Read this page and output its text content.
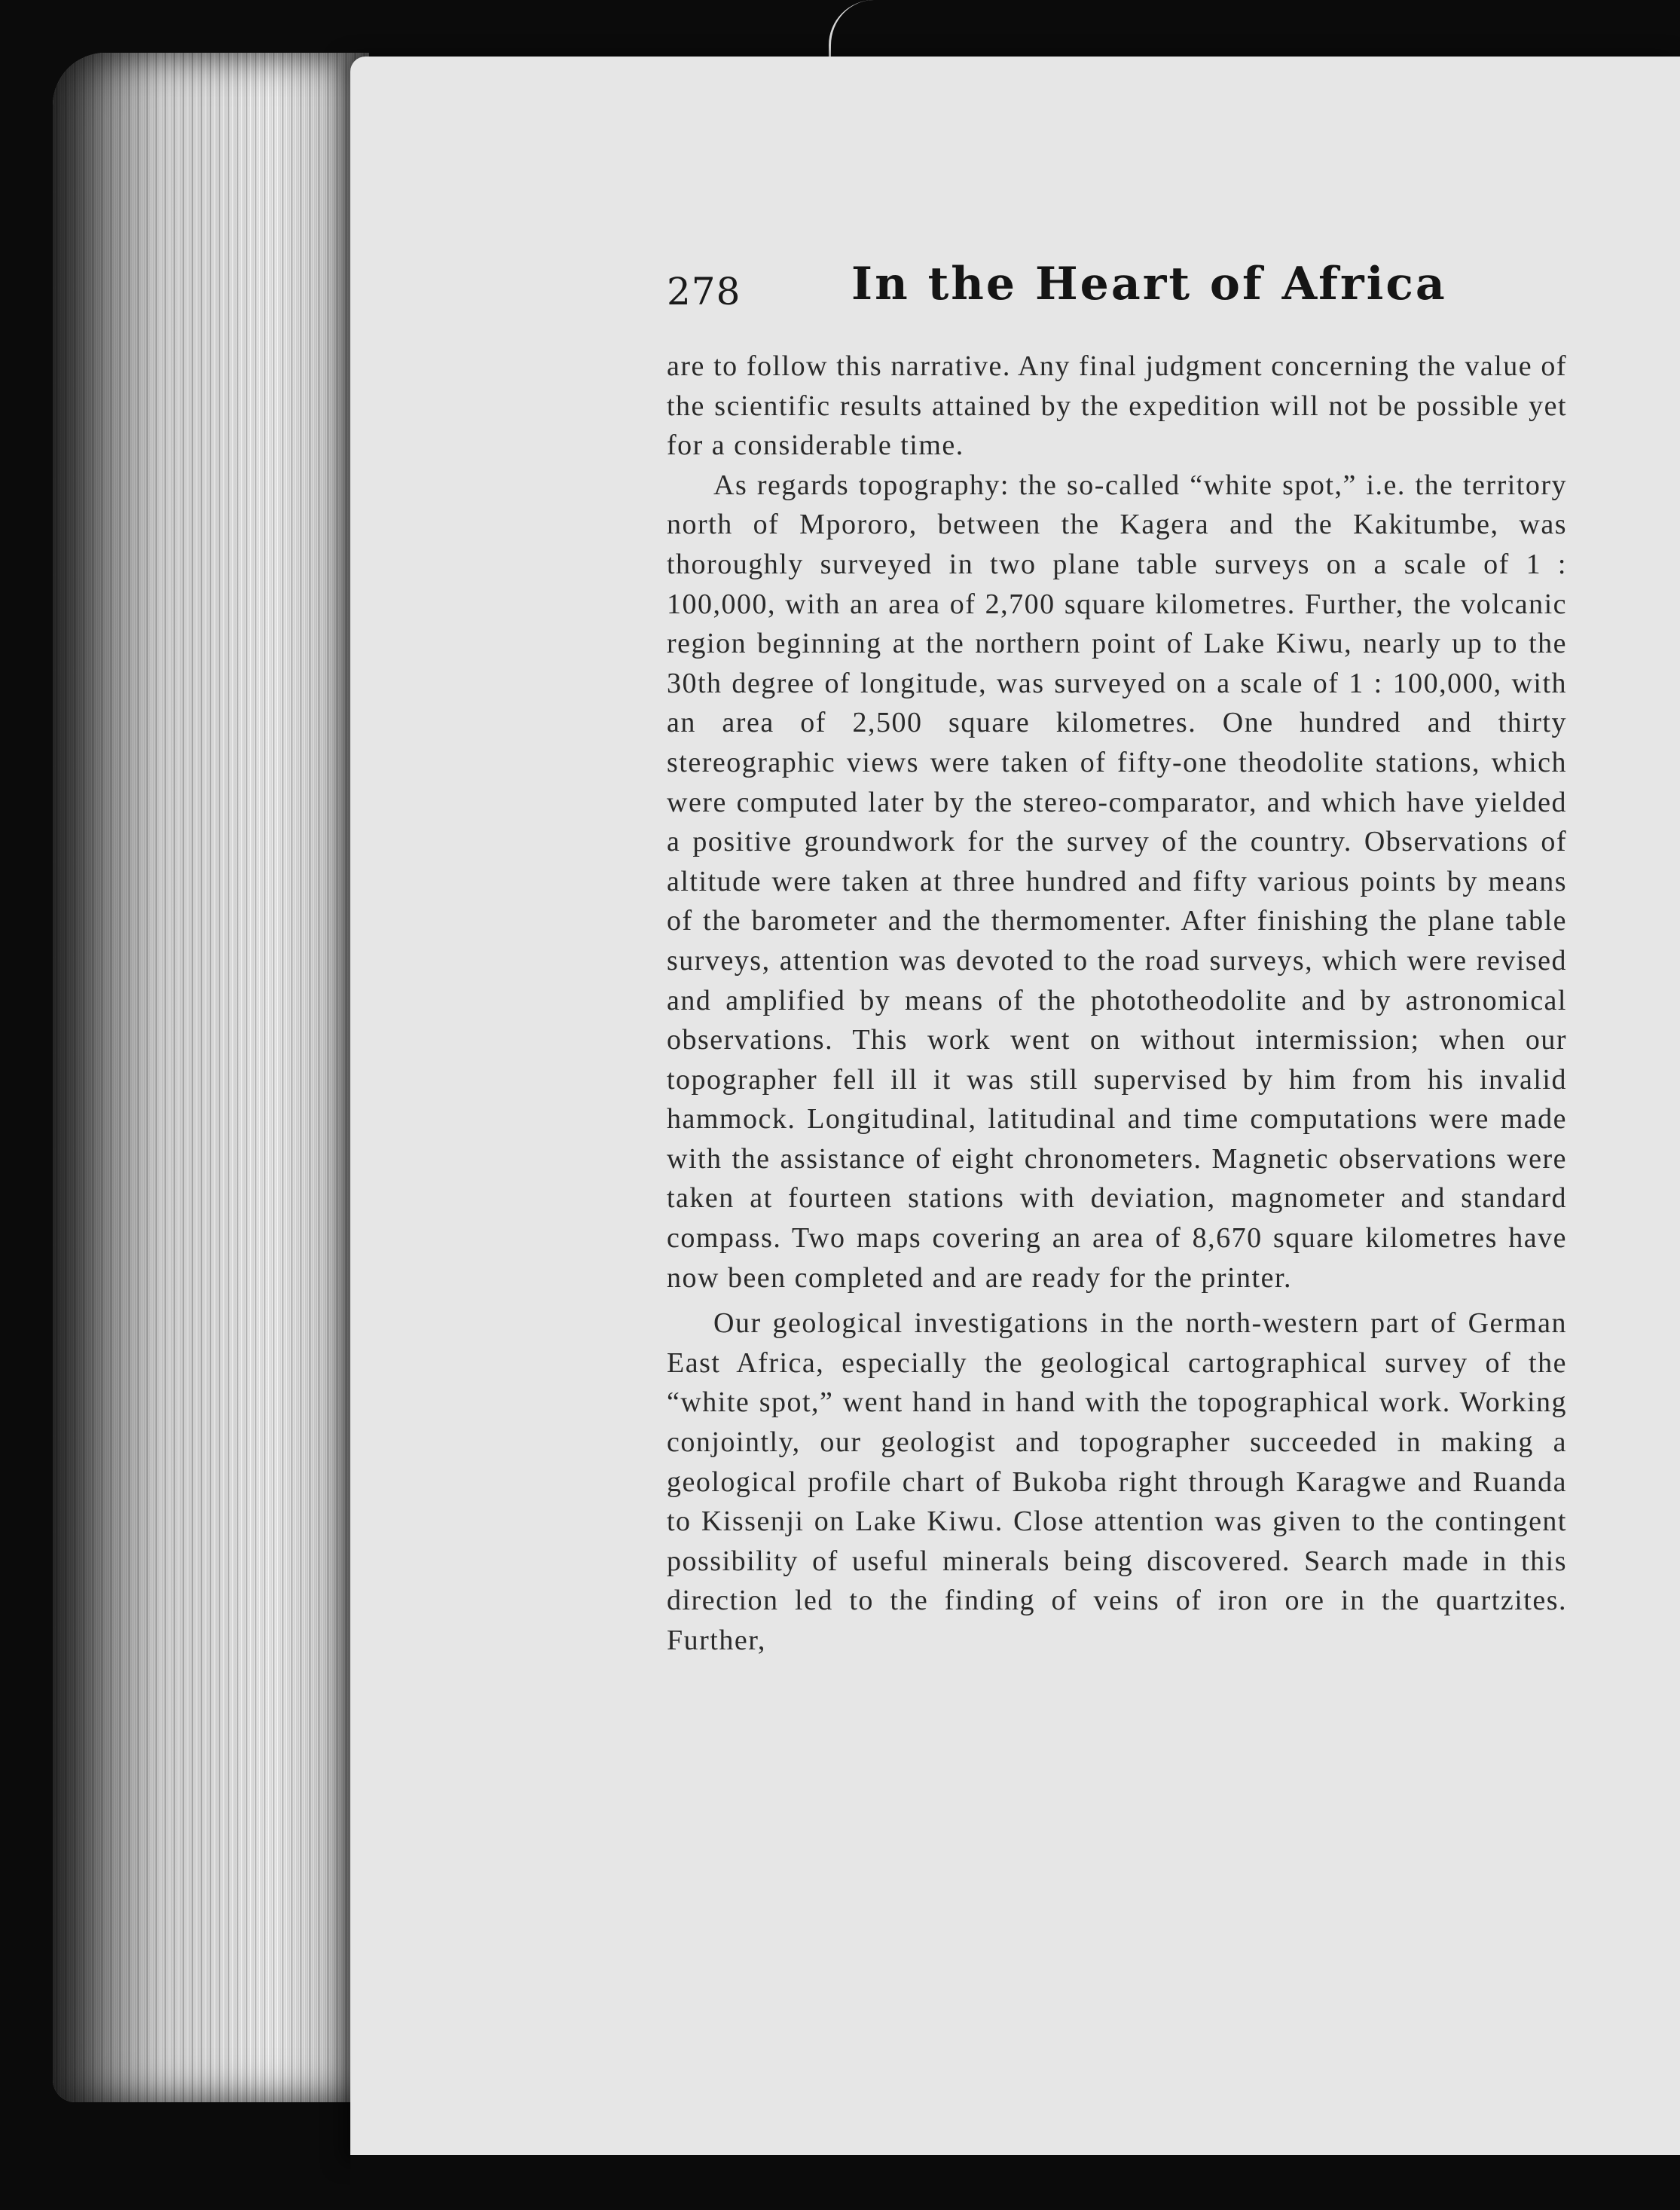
278 In the Heart of Africa

are to follow this narrative. Any final judgment concerning the value of the scientific results attained by the expedition will not be possible yet for a considerable time.

As regards topography: the so-called “white spot,” i.e. the territory north of Mpororo, between the Kagera and the Kakitumbe, was thoroughly surveyed in two plane table surveys on a scale of 1 : 100,000, with an area of 2,700 square kilometres. Further, the volcanic region beginning at the northern point of Lake Kiwu, nearly up to the 30th degree of longitude, was surveyed on a scale of 1 : 100,000, with an area of 2,500 square kilometres. One hundred and thirty stereographic views were taken of fifty-one theodolite stations, which were computed later by the stereo-comparator, and which have yielded a positive groundwork for the survey of the country. Observations of altitude were taken at three hundred and fifty various points by means of the barometer and the thermomenter. After finishing the plane table surveys, attention was devoted to the road surveys, which were revised and amplified by means of the phototheodolite and by astronomical observations. This work went on without intermission; when our topographer fell ill it was still supervised by him from his invalid hammock. Longitudinal, latitudinal and time computations were made with the assistance of eight chronometers. Magnetic observations were taken at fourteen stations with deviation, magnometer and standard compass. Two maps covering an area of 8,670 square kilometres have now been completed and are ready for the printer.

Our geological investigations in the north-western part of German East Africa, especially the geological cartographical survey of the “white spot,” went hand in hand with the topographical work. Working conjointly, our geologist and topographer succeeded in making a geological profile chart of Bukoba right through Karagwe and Ruanda to Kissenji on Lake Kiwu. Close attention was given to the contingent possibility of useful minerals being discovered. Search made in this direction led to the finding of veins of iron ore in the quartzites. Further,
